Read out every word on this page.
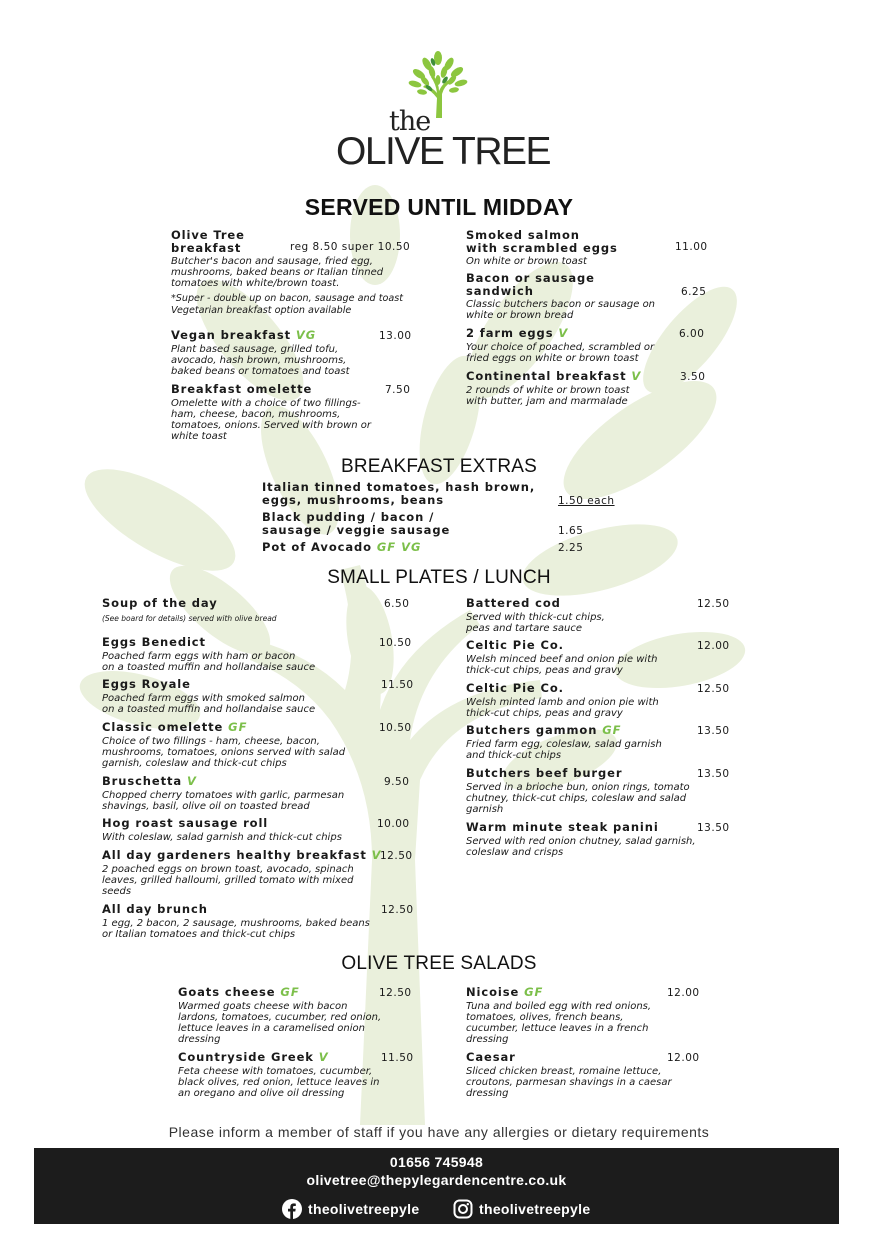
the
OLIVE TREE
SERVED UNTIL MIDDAY
BREAKFAST EXTRAS
SMALL PLATES / LUNCH
OLIVE TREE SALADS
Olive Tree
breakfast
Butcher's bacon and sausage, fried egg,
mushrooms, baked beans or Italian tinned
tomatoes with white/brown toast.
*Super - double up on bacon, sausage and toast
Vegetarian breakfast option available
reg 8.50 super 10.50
Vegan breakfast VG
Plant based sausage, grilled tofu,
avocado, hash brown, mushrooms,
baked beans or tomatoes and toast
13.00
Breakfast omelette
Omelette with a choice of two fillings-
ham, cheese, bacon, mushrooms,
tomatoes, onions. Served with brown or
white toast
7.50
Smoked salmon
with scrambled eggs
On white or brown toast
11.00
Bacon or sausage
sandwich
Classic butchers bacon or sausage on
white or brown bread
6.25
2 farm eggs V
Your choice of poached, scrambled or
fried eggs on white or brown toast
6.00
Continental breakfast V
2 rounds of white or brown toast
with butter, jam and marmalade
3.50
Italian tinned tomatoes, hash brown,
eggs, mushrooms, beans	1.50 each
Black pudding / bacon /
sausage / veggie sausage	1.65
Pot of Avocado GF VG	2.25
Soup of the day
(See board for details) served with olive bread
6.50
Eggs Benedict
Poached farm eggs with ham or bacon
on a toasted muffin and hollandaise sauce
10.50
Eggs Royale
Poached farm eggs with smoked salmon
on a toasted muffin and hollandaise sauce
11.50
Classic omelette GF
Choice of two fillings - ham, cheese, bacon,
mushrooms, tomatoes, onions served with salad
garnish, coleslaw and thick-cut chips
10.50
Bruschetta V
Chopped cherry tomatoes with garlic, parmesan
shavings, basil, olive oil on toasted bread
9.50
Hog roast sausage roll
With coleslaw, salad garnish and thick-cut chips
10.00
All day gardeners healthy breakfast V
2 poached eggs on brown toast, avocado, spinach
leaves, grilled halloumi, grilled tomato with mixed
seeds
12.50
All day brunch
1 egg, 2 bacon, 2 sausage, mushrooms, baked beans
or Italian tomatoes and thick-cut chips
12.50
Battered cod
Served with thick-cut chips,
peas and tartare sauce
12.50
Celtic Pie Co.
Welsh minced beef and onion pie with
thick-cut chips, peas and gravy
12.00
Celtic Pie Co.
Welsh minted lamb and onion pie with
thick-cut chips, peas and gravy
12.50
Butchers gammon GF
Fried farm egg, coleslaw, salad garnish
and thick-cut chips
13.50
Butchers beef burger
Served in a brioche bun, onion rings, tomato
chutney, thick-cut chips, coleslaw and salad
garnish
13.50
Warm minute steak panini
Served with red onion chutney, salad garnish,
coleslaw and crisps
13.50
Goats cheese GF
Warmed goats cheese with bacon
lardons, tomatoes, cucumber, red onion,
lettuce leaves in a caramelised onion
dressing
12.50
Countryside Greek V
Feta cheese with tomatoes, cucumber,
black olives, red onion, lettuce leaves in
an oregano and olive oil dressing
11.50
Nicoise GF
Tuna and boiled egg with red onions,
tomatoes, olives, french beans,
cucumber, lettuce leaves in a french
dressing
12.00
Caesar
Sliced chicken breast, romaine lettuce,
croutons, parmesan shavings in a caesar
dressing
12.00
Please inform a member of staff if you have any allergies or dietary requirements
01656 745948
olivetree@thepylegardencentre.co.uk
theolivetreepyle	theolivetreepyle
